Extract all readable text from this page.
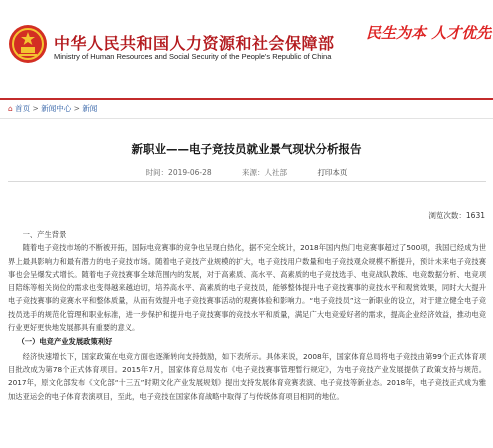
中华人民共和国人力资源和社会保障部
Ministry of Human Resources and Social Security of the People's Republic of China
民生为本 人才优先
⌂ 首页 > 新闻中心 > 新闻
新职业——电子竞技员就业景气现状分析报告
时间：2019-06-28	来源：人社部	打印本页
浏览次数：1631

一、产生背景

随着电子竞技市场的不断被开拓，国际电竞赛事的竞争也呈现白热化，据不完全统计，2018年国内热门电竞赛事超过了500项，我国已经成为世界上最具影响力和最有潜力的电子竞技市场。随着电子竞技产业规模的扩大，电子竞技用户数量和电子竞技观众规模不断提升，预计未来电子竞技赛事也会呈爆发式增长。随着电子竞技赛事全球范围内的发展，对于高素质、高水平、高素质的电子竞技选手、电竞战队教练、电竞数据分析、电竞项目陪练等相关岗位的需求也变得越来越迫切，培养高水平、高素质的电子竞技员，能够整体提升电子竞技赛事的竞技水平和观赏效果，同时大大提升电子竞技赛事的竞赛水平和整体质量，从而有效提升电子竞技赛事活动的观赛体验和影响力。“电子竞技员”这一新职业的设立，对于建立健全电子竞技员选手的规范化管理和职业标准，进一步保护和提升电子竞技赛事的竞技水平和质量，满足广大电竞爱好者的需求，提高企业经济效益，推动电竞行业更好更快地发展都具有重要的意义。

（一）电竞产业发展政策利好

经济快速增长下，国家政策在电竞方面也逐渐转向支持鼓励，如下表所示。具体来说，2008年，国家体育总局将电子竞技由第99个正式体育项目批改成为第78个正式体育项目。2015年7月，国家体育总局发布《电子竞技赛事管理暂行规定》，为电子竞技产业发展提供了政策支持与规范。2017年，原文化部发布《文化部“十三五”时期文化产业发展规划》提出支持发展体育竞赛表演、电子竞技等新业态。2018年，电子竞技正式成为雅加达亚运会的电子体育表演项目，至此，电子竞技在国家体育战略中取得了与传统体育项目相同的地位。
